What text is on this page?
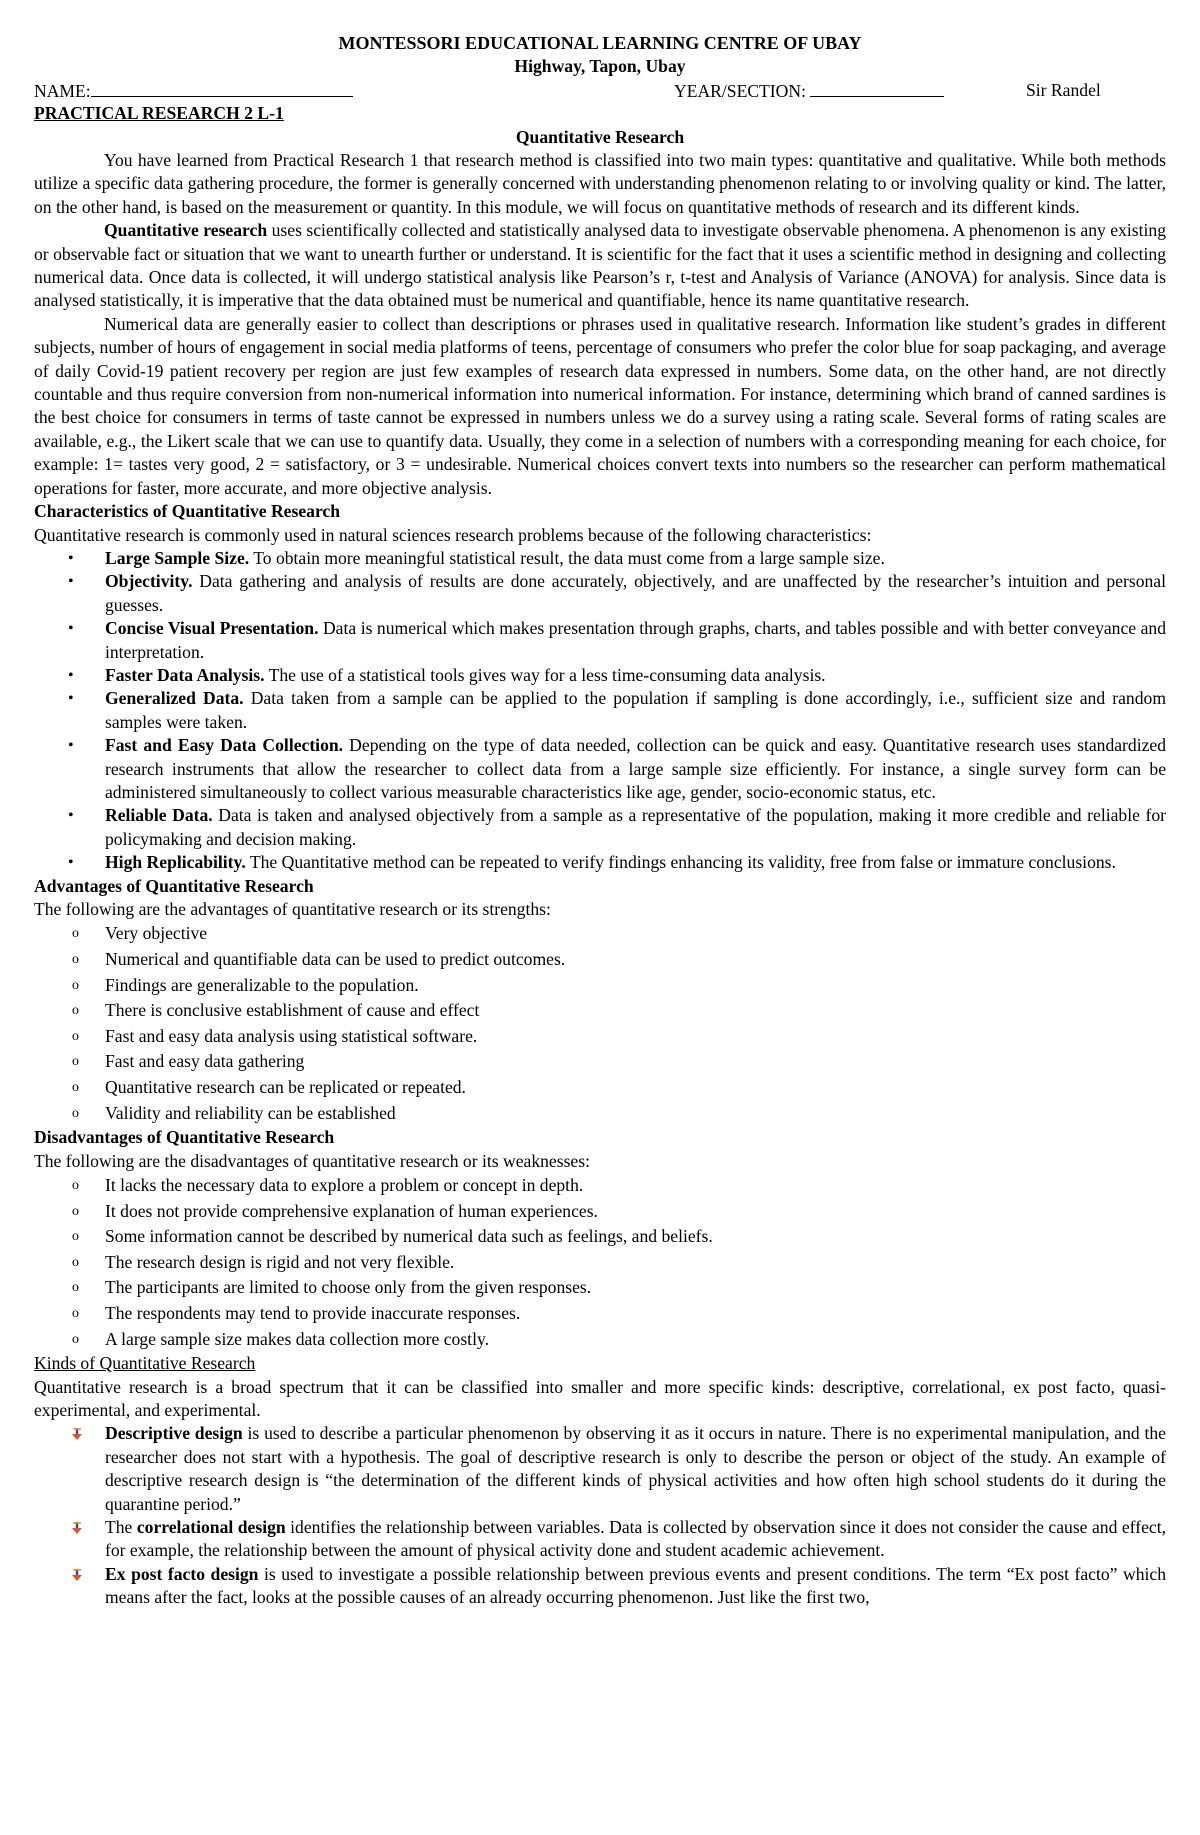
MONTESSORI EDUCATIONAL LEARNING CENTRE OF UBAY
Highway, Tapon, Ubay
NAME:	YEAR/SECTION:	Sir Randel
PRACTICAL RESEARCH 2 L-1
Quantitative Research

You have learned from Practical Research 1 that research method is classified into two main types: quantitative and qualitative. While both methods utilize a specific data gathering procedure, the former is generally concerned with understanding phenomenon relating to or involving quality or kind. The latter, on the other hand, is based on the measurement or quantity. In this module, we will focus on quantitative methods of research and its different kinds.

Quantitative research uses scientifically collected and statistically analysed data to investigate observable phenomena. A phenomenon is any existing or observable fact or situation that we want to unearth further or understand. It is scientific for the fact that it uses a scientific method in designing and collecting numerical data. Once data is collected, it will undergo statistical analysis like Pearson’s r, t-test and Analysis of Variance (ANOVA) for analysis. Since data is analysed statistically, it is imperative that the data obtained must be numerical and quantifiable, hence its name quantitative research.

Numerical data are generally easier to collect than descriptions or phrases used in qualitative research. Information like student’s grades in different subjects, number of hours of engagement in social media platforms of teens, percentage of consumers who prefer the color blue for soap packaging, and average of daily Covid-19 patient recovery per region are just few examples of research data expressed in numbers. Some data, on the other hand, are not directly countable and thus require conversion from non-numerical information into numerical information. For instance, determining which brand of canned sardines is the best choice for consumers in terms of taste cannot be expressed in numbers unless we do a survey using a rating scale. Several forms of rating scales are available, e.g., the Likert scale that we can use to quantify data. Usually, they come in a selection of numbers with a corresponding meaning for each choice, for example: 1= tastes very good, 2 = satisfactory, or 3 = undesirable. Numerical choices convert texts into numbers so the researcher can perform mathematical operations for faster, more accurate, and more objective analysis.

Characteristics of Quantitative Research

Quantitative research is commonly used in natural sciences research problems because of the following characteristics:

• Large Sample Size. To obtain more meaningful statistical result, the data must come from a large sample size.
• Objectivity. Data gathering and analysis of results are done accurately, objectively, and are unaffected by the researcher’s intuition and personal guesses.
• Concise Visual Presentation. Data is numerical which makes presentation through graphs, charts, and tables possible and with better conveyance and interpretation.
• Faster Data Analysis. The use of a statistical tools gives way for a less time-consuming data analysis.
• Generalized Data. Data taken from a sample can be applied to the population if sampling is done accordingly, i.e., sufficient size and random samples were taken.
• Fast and Easy Data Collection. Depending on the type of data needed, collection can be quick and easy. Quantitative research uses standardized research instruments that allow the researcher to collect data from a large sample size efficiently. For instance, a single survey form can be administered simultaneously to collect various measurable characteristics like age, gender, socio-economic status, etc.
• Reliable Data. Data is taken and analysed objectively from a sample as a representative of the population, making it more credible and reliable for policymaking and decision making.
• High Replicability. The Quantitative method can be repeated to verify findings enhancing its validity, free from false or immature conclusions.
Advantages of Quantitative Research

The following are the advantages of quantitative research or its strengths:

o Very objective
o Numerical and quantifiable data can be used to predict outcomes.
o Findings are generalizable to the population.
o There is conclusive establishment of cause and effect
o Fast and easy data analysis using statistical software.
o Fast and easy data gathering
o Quantitative research can be replicated or repeated.
o Validity and reliability can be established
Disadvantages of Quantitative Research

The following are the disadvantages of quantitative research or its weaknesses:

o It lacks the necessary data to explore a problem or concept in depth.
o It does not provide comprehensive explanation of human experiences.
o Some information cannot be described by numerical data such as feelings, and beliefs.
o The research design is rigid and not very flexible.
o The participants are limited to choose only from the given responses.
o The respondents may tend to provide inaccurate responses.
o A large sample size makes data collection more costly.
Kinds of Quantitative Research

Quantitative research is a broad spectrum that it can be classified into smaller and more specific kinds: descriptive, correlational, ex post facto, quasi-experimental, and experimental.

Descriptive design is used to describe a particular phenomenon by observing it as it occurs in nature. There is no experimental manipulation, and the researcher does not start with a hypothesis. The goal of descriptive research is only to describe the person or object of the study. An example of descriptive research design is “the determination of the different kinds of physical activities and how often high school students do it during the quarantine period.”
The correlational design identifies the relationship between variables. Data is collected by observation since it does not consider the cause and effect, for example, the relationship between the amount of physical activity done and student academic achievement.
Ex post facto design is used to investigate a possible relationship between previous events and present conditions. The term “Ex post facto” which means after the fact, looks at the possible causes of an already occurring phenomenon. Just like the first two,
